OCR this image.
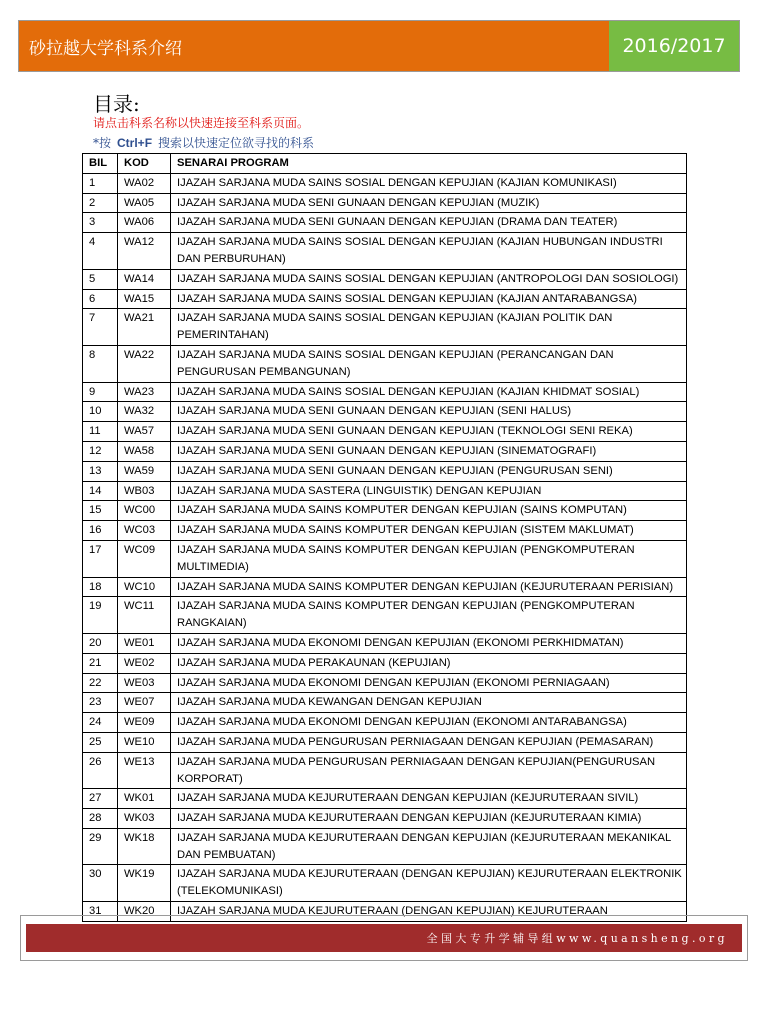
砂拉越大学科系介绍	2016/2017
目录:
请点击科系名称以快速连接至科系页面。
*按 Ctrl+F 搜索以快速定位欲寻找的科系
BIL	KOD	SENARAI PROGRAM
1	WA02	IJAZAH SARJANA MUDA SAINS SOSIAL DENGAN KEPUJIAN (KAJIAN KOMUNIKASI)
2	WA05	IJAZAH SARJANA MUDA SENI GUNAAN DENGAN KEPUJIAN (MUZIK)
3	WA06	IJAZAH SARJANA MUDA SENI GUNAAN DENGAN KEPUJIAN (DRAMA DAN TEATER)
4	WA12	IJAZAH SARJANA MUDA SAINS SOSIAL DENGAN KEPUJIAN (KAJIAN HUBUNGAN INDUSTRI DAN PERBURUHAN)
5	WA14	IJAZAH SARJANA MUDA SAINS SOSIAL DENGAN KEPUJIAN (ANTROPOLOGI DAN SOSIOLOGI)
6	WA15	IJAZAH SARJANA MUDA SAINS SOSIAL DENGAN KEPUJIAN (KAJIAN ANTARABANGSA)
7	WA21	IJAZAH SARJANA MUDA SAINS SOSIAL DENGAN KEPUJIAN (KAJIAN POLITIK DAN PEMERINTAHAN)
8	WA22	IJAZAH SARJANA MUDA SAINS SOSIAL DENGAN KEPUJIAN (PERANCANGAN DAN PENGURUSAN PEMBANGUNAN)
9	WA23	IJAZAH SARJANA MUDA SAINS SOSIAL DENGAN KEPUJIAN (KAJIAN KHIDMAT SOSIAL)
10	WA32	IJAZAH SARJANA MUDA SENI GUNAAN DENGAN KEPUJIAN (SENI HALUS)
11	WA57	IJAZAH SARJANA MUDA SENI GUNAAN DENGAN KEPUJIAN (TEKNOLOGI SENI REKA)
12	WA58	IJAZAH SARJANA MUDA SENI GUNAAN DENGAN KEPUJIAN (SINEMATOGRAFI)
13	WA59	IJAZAH SARJANA MUDA SENI GUNAAN DENGAN KEPUJIAN (PENGURUSAN SENI)
14	WB03	IJAZAH SARJANA MUDA SASTERA (LINGUISTIK) DENGAN KEPUJIAN
15	WC00	IJAZAH SARJANA MUDA SAINS KOMPUTER DENGAN KEPUJIAN (SAINS KOMPUTAN)
16	WC03	IJAZAH SARJANA MUDA SAINS KOMPUTER DENGAN KEPUJIAN (SISTEM MAKLUMAT)
17	WC09	IJAZAH SARJANA MUDA SAINS KOMPUTER DENGAN KEPUJIAN (PENGKOMPUTERAN MULTIMEDIA)
18	WC10	IJAZAH SARJANA MUDA SAINS KOMPUTER DENGAN KEPUJIAN (KEJURUTERAAN PERISIAN)
19	WC11	IJAZAH SARJANA MUDA SAINS KOMPUTER DENGAN KEPUJIAN (PENGKOMPUTERAN RANGKAIAN)
20	WE01	IJAZAH SARJANA MUDA EKONOMI DENGAN KEPUJIAN (EKONOMI PERKHIDMATAN)
21	WE02	IJAZAH SARJANA MUDA PERAKAUNAN (KEPUJIAN)
22	WE03	IJAZAH SARJANA MUDA EKONOMI DENGAN KEPUJIAN (EKONOMI PERNIAGAAN)
23	WE07	IJAZAH SARJANA MUDA KEWANGAN DENGAN KEPUJIAN
24	WE09	IJAZAH SARJANA MUDA EKONOMI DENGAN KEPUJIAN (EKONOMI ANTARABANGSA)
25	WE10	IJAZAH SARJANA MUDA PENGURUSAN PERNIAGAAN DENGAN KEPUJIAN (PEMASARAN)
26	WE13	IJAZAH SARJANA MUDA PENGURUSAN PERNIAGAAN DENGAN KEPUJIAN(PENGURUSAN KORPORAT)
27	WK01	IJAZAH SARJANA MUDA KEJURUTERAAN DENGAN KEPUJIAN (KEJURUTERAAN SIVIL)
28	WK03	IJAZAH SARJANA MUDA KEJURUTERAAN DENGAN KEPUJIAN (KEJURUTERAAN KIMIA)
29	WK18	IJAZAH SARJANA MUDA KEJURUTERAAN DENGAN KEPUJIAN (KEJURUTERAAN MEKANIKAL DAN PEMBUATAN)
30	WK19	IJAZAH SARJANA MUDA KEJURUTERAAN (DENGAN KEPUJIAN) KEJURUTERAAN ELEKTRONIK (TELEKOMUNIKASI)
31	WK20	IJAZAH SARJANA MUDA KEJURUTERAAN (DENGAN KEPUJIAN) KEJURUTERAAN
全国大专升学辅导组www.quansheng.org
